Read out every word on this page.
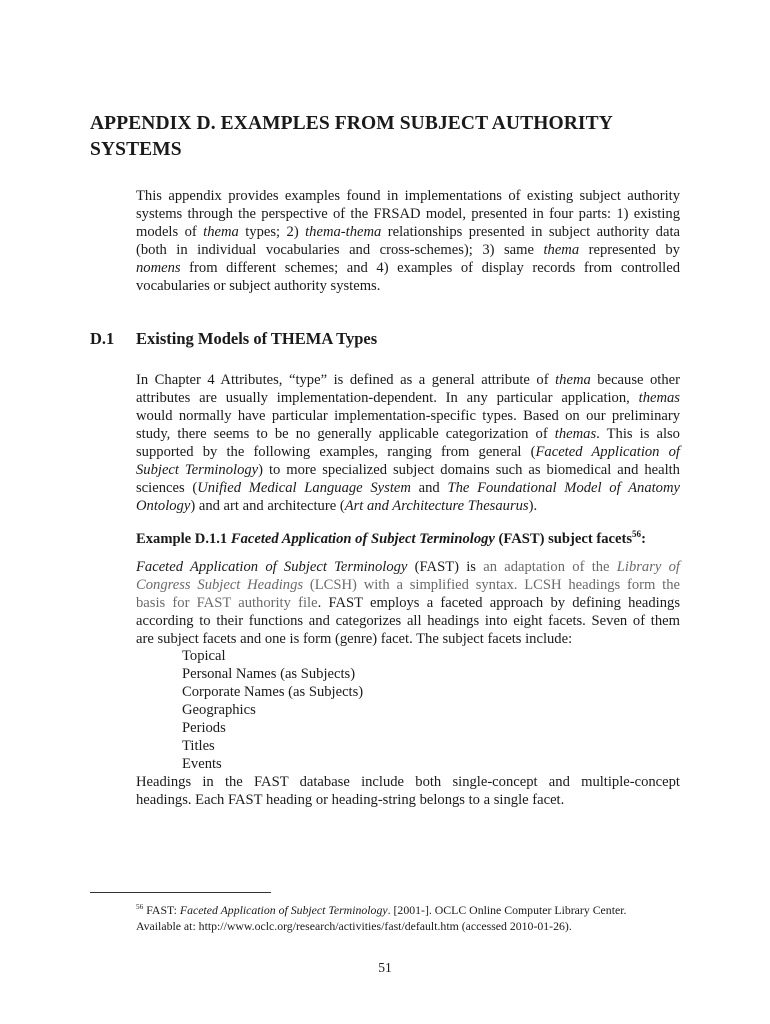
APPENDIX D. EXAMPLES FROM SUBJECT AUTHORITY SYSTEMS
This appendix provides examples found in implementations of existing subject authority
systems through the perspective of the FRSAD model, presented in four parts: 1) existing
models of thema types; 2) thema-thema relationships presented in subject authority data
(both in individual vocabularies and cross-schemes); 3) same thema represented by
nomens from different schemes; and 4) examples of display records from controlled
vocabularies or subject authority systems.
D.1 Existing Models of THEMA Types
In Chapter 4 Attributes, “type” is defined as a general attribute of thema because other
attributes are usually implementation-dependent. In any particular application, themas
would normally have particular implementation-specific types. Based on our preliminary
study, there seems to be no generally applicable categorization of themas. This is also
supported by the following examples, ranging from general (Faceted Application of
Subject Terminology) to more specialized subject domains such as biomedical and health
sciences (Unified Medical Language System and The Foundational Model of Anatomy
Ontology) and art and architecture (Art and Architecture Thesaurus).
Example D.1.1 Faceted Application of Subject Terminology (FAST) subject facets$^{56}$:
Faceted Application of Subject Terminology (FAST) is an adaptation of the Library of
Congress Subject Headings (LCSH) with a simplified syntax. LCSH headings form the
basis for FAST authority file. FAST employs a faceted approach by defining headings
according to their functions and categorizes all headings into eight facets. Seven of them
are subject facets and one is form (genre) facet. The subject facets include:
Topical
Personal Names (as Subjects)
Corporate Names (as Subjects)
Geographics
Periods
Titles
Events
Headings in the FAST database include both single-concept and multiple-concept
headings. Each FAST heading or heading-string belongs to a single facet.
$^{56}$ FAST: Faceted Application of Subject Terminology. [2001-]. OCLC Online Computer Library Center.
Available at: http://www.oclc.org/research/activities/fast/default.htm (accessed 2010-01-26).
51
